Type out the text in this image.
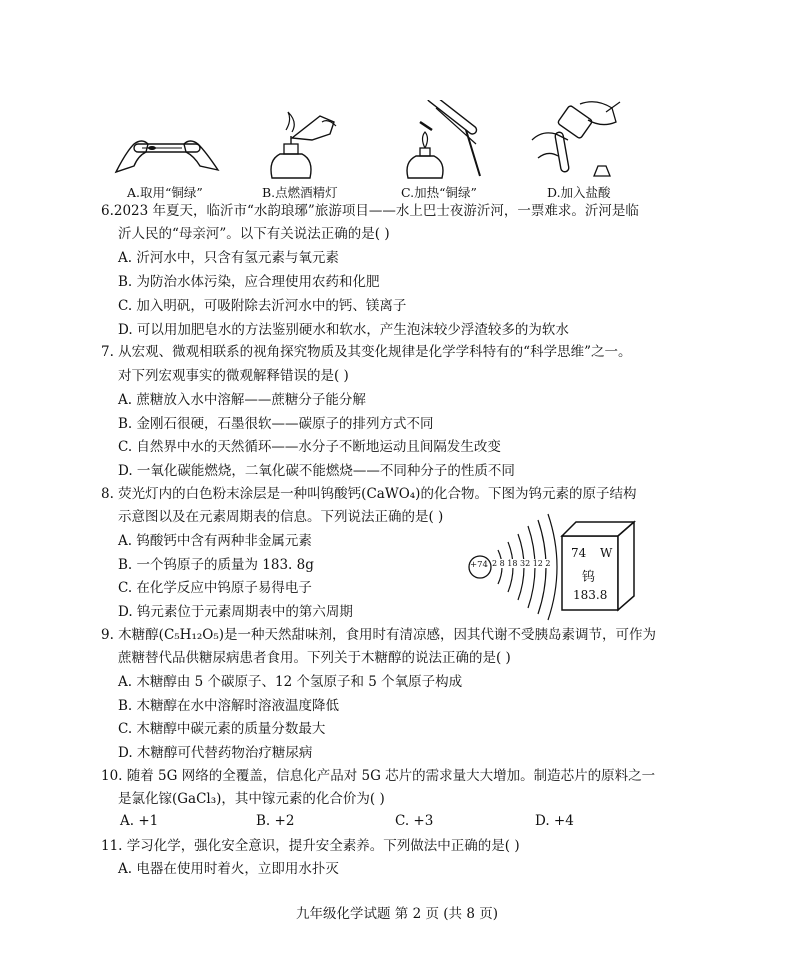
A.取用“铜绿”	B.点燃酒精灯	C.加热“铜绿”	D.加入盐酸
6.2023 年夏天，临沂市“水韵琅琊”旅游项目——水上巴士夜游沂河，一票难求。沂河是临
沂人民的“母亲河”。以下有关说法正确的是( )
A. 沂河水中，只含有氢元素与氧元素
B. 为防治水体污染，应合理使用农药和化肥
C. 加入明矾，可吸附除去沂河水中的钙、镁离子
D. 可以用加肥皂水的方法鉴别硬水和软水，产生泡沫较少浮渣较多的为软水
7. 从宏观、微观相联系的视角探究物质及其变化规律是化学学科特有的“科学思维”之一。
对下列宏观事实的微观解释错误的是( )
A. 蔗糖放入水中溶解——蔗糖分子能分解
B. 金刚石很硬，石墨很软——碳原子的排列方式不同
C. 自然界中水的天然循环——水分子不断地运动且间隔发生改变
D. 一氧化碳能燃烧，二氧化碳不能燃烧——不同种分子的性质不同
8. 荧光灯内的白色粉末涂层是一种叫钨酸钙(CaWO₄)的化合物。下图为钨元素的原子结构
示意图以及在元素周期表的信息。下列说法正确的是( )
A. 钨酸钙中含有两种非金属元素
B. 一个钨原子的质量为 183. 8g
C. 在化学反应中钨原子易得电子
D. 钨元素位于元素周期表中的第六周期
+74 2 8 18 32 12 2
74 W
钨
183.8
9. 木糖醇(C₅H₁₂O₅)是一种天然甜味剂，食用时有清凉感，因其代谢不受胰岛素调节，可作为
蔗糖替代品供糖尿病患者食用。下列关于木糖醇的说法正确的是( )
A. 木糖醇由 5 个碳原子、12 个氢原子和 5 个氧原子构成
B. 木糖醇在水中溶解时溶液温度降低
C. 木糖醇中碳元素的质量分数最大
D. 木糖醇可代替药物治疗糖尿病
10. 随着 5G 网络的全覆盖，信息化产品对 5G 芯片的需求量大大增加。制造芯片的原料之一
是氯化镓(GaCl₃)，其中镓元素的化合价为( )
A. +1	B. +2	C. +3	D. +4
11. 学习化学，强化安全意识，提升安全素养。下列做法中正确的是( )
A. 电器在使用时着火，立即用水扑灭
九年级化学试题 第 2 页 (共 8 页)
